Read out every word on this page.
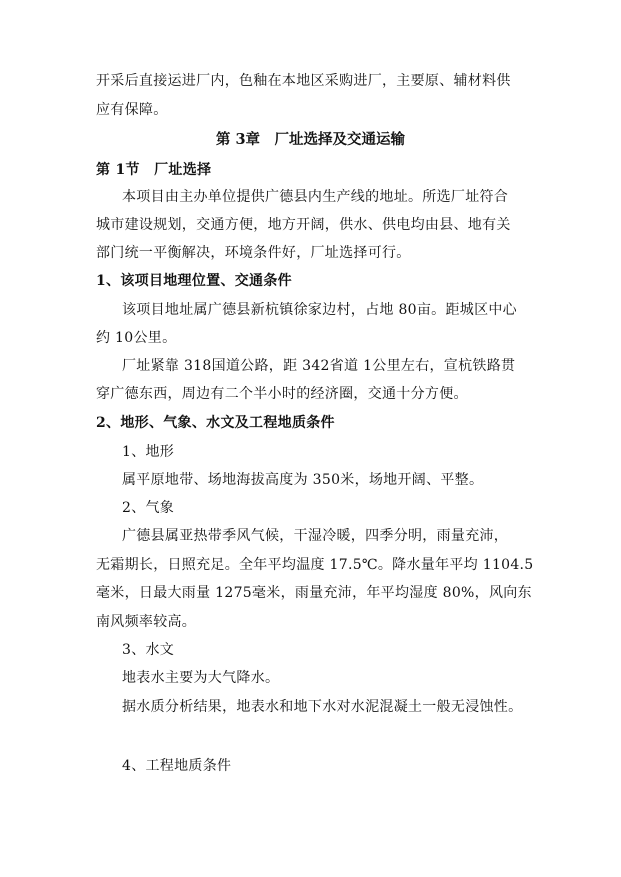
开采后直接运进厂内，色釉在本地区采购进厂，主要原、辅材料供
应有保障。
第 3章　厂址选择及交通运输
第 1节　厂址选择
本项目由主办单位提供广德县内生产线的地址。所选厂址符合
城市建设规划，交通方便，地方开阔，供水、供电均由县、地有关
部门统一平衡解决，环境条件好，厂址选择可行。
1、该项目地理位置、交通条件
该项目地址属广德县新杭镇徐家边村，占地 80亩。距城区中心
约 10公里。
厂址紧靠 318国道公路，距 342省道 1公里左右，宣杭铁路贯
穿广德东西，周边有二个半小时的经济圈，交通十分方便。
2、地形、气象、水文及工程地质条件
1、地形
属平原地带、场地海拔高度为 350米，场地开阔、平整。
2、气象
广德县属亚热带季风气候，干湿冷暖，四季分明，雨量充沛，
无霜期长，日照充足。全年平均温度 17.5℃。降水量年平均 1104.5
毫米，日最大雨量 1275毫米，雨量充沛，年平均湿度 80%，风向东
南风频率较高。
3、水文
地表水主要为大气降水。
据水质分析结果，地表水和地下水对水泥混凝土一般无浸蚀性。
4、工程地质条件
